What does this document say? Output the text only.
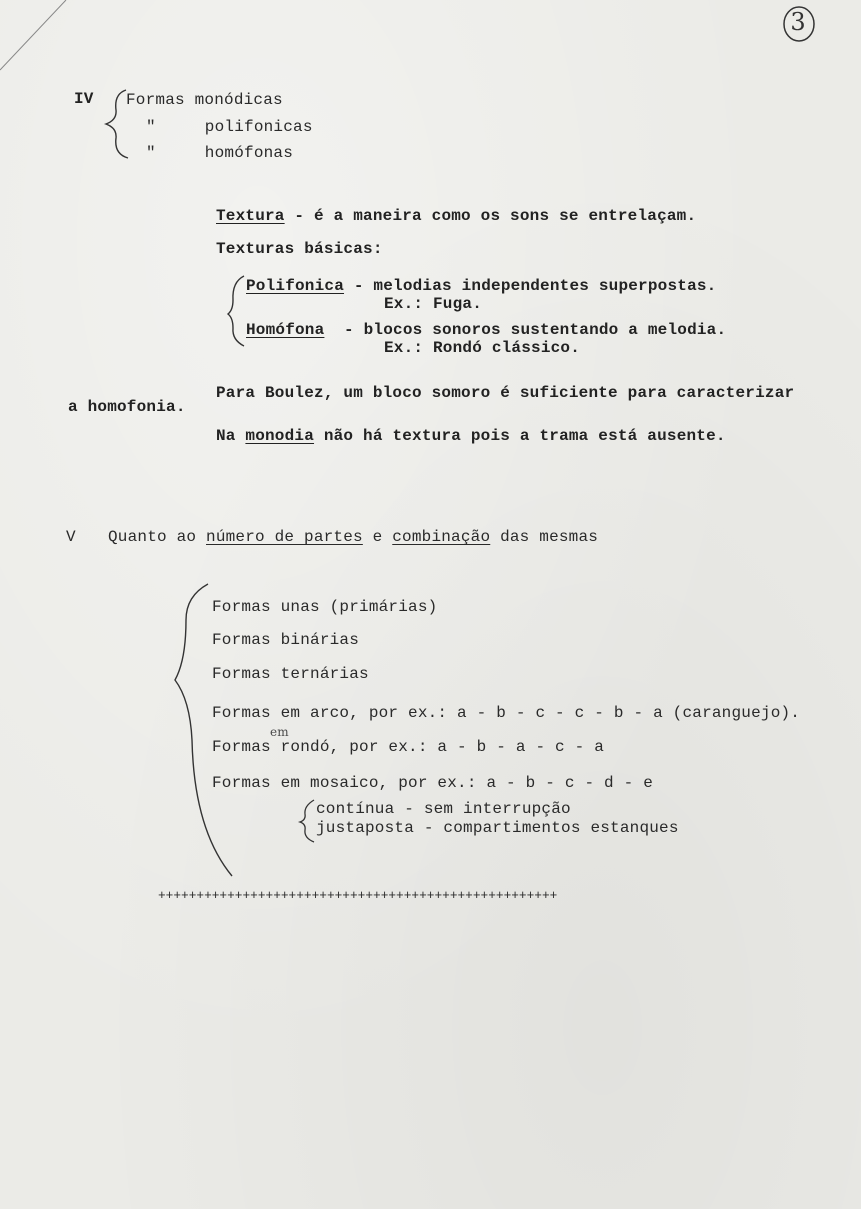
3
IV Formas monódicas
"     polifonicas
"     homófonas
Textura - é a maneira como os sons se entrelaçam.
Texturas básicas:
Polifonica - melodias independentes superpostas.
Ex.: Fuga.
Homófona  - blocos sonoros sustentando a melodia.
Ex.: Rondó clássico.
Para Boulez, um bloco somoro é suficiente para caracterizar
a homofonia.
Na monodia não há textura pois a trama está ausente.
V Quanto ao número de partes e combinação das mesmas
Formas unas (primárias)
Formas binárias
Formas ternárias
Formas em arco, por ex.: a - b - c - c - b - a (caranguejo).
em
Formas rondó, por ex.: a - b - a - c - a
Formas em mosaico, por ex.: a - b - c - d - e
contínua - sem interrupção
justaposta - compartimentos estanques
++++++++++++++++++++++++++++++++++++++++++++++++++++
